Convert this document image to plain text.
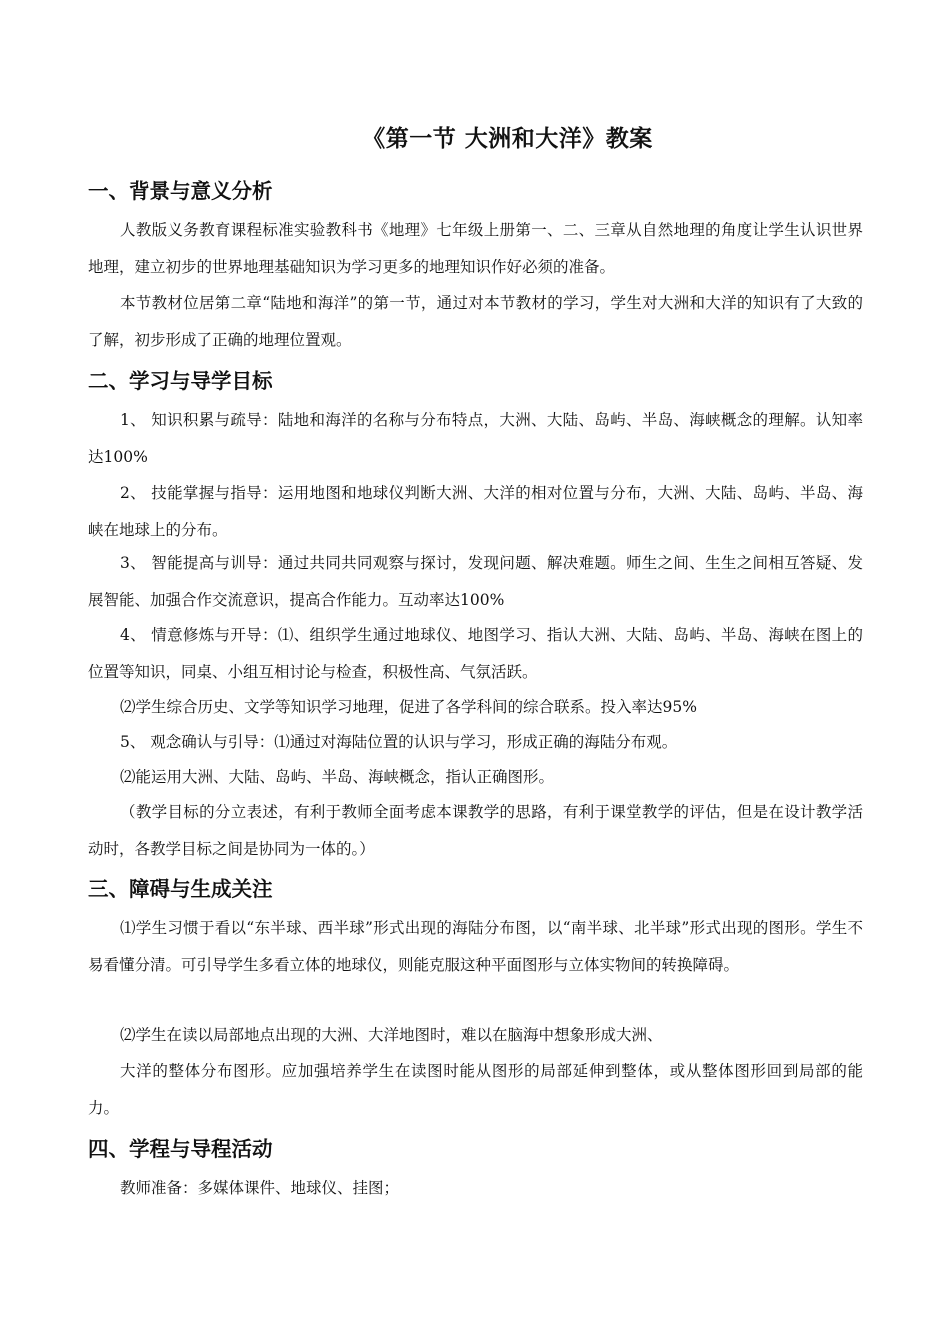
《第一节 大洲和大洋》教案
一、背景与意义分析

人教版义务教育课程标准实验教科书《地理》七年级上册第一、二、三章从自然地理的角度让学生认识世界地理，建立初步的世界地理基础知识为学习更多的地理知识作好必须的准备。

本节教材位居第二章“陆地和海洋”的第一节，通过对本节教材的学习，学生对大洲和大洋的知识有了大致的了解，初步形成了正确的地理位置观。

二、学习与导学目标

1、 知识积累与疏导：陆地和海洋的名称与分布特点，大洲、大陆、岛屿、半岛、海峡概念的理解。认知率达100%

2、 技能掌握与指导：运用地图和地球仪判断大洲、大洋的相对位置与分布，大洲、大陆、岛屿、半岛、海峡在地球上的分布。

3、 智能提高与训导：通过共同共同观察与探讨，发现问题、解决难题。师生之间、生生之间相互答疑、发展智能、加强合作交流意识，提高合作能力。互动率达100%

4、 情意修炼与开导：⑴、组织学生通过地球仪、地图学习、指认大洲、大陆、岛屿、半岛、海峡在图上的位置等知识，同桌、小组互相讨论与检查，积极性高、气氛活跃。

⑵学生综合历史、文学等知识学习地理，促进了各学科间的综合联系。投入率达95%

5、 观念确认与引导：⑴通过对海陆位置的认识与学习，形成正确的海陆分布观。

⑵能运用大洲、大陆、岛屿、半岛、海峡概念，指认正确图形。

（教学目标的分立表述，有利于教师全面考虑本课教学的思路，有利于课堂教学的评估，但是在设计教学活动时，各教学目标之间是协同为一体的。）

三、障碍与生成关注

⑴学生习惯于看以“东半球、西半球”形式出现的海陆分布图，以“南半球、北半球”形式出现的图形。学生不易看懂分清。可引导学生多看立体的地球仪，则能克服这种平面图形与立体实物间的转换障碍。

⑵学生在读以局部地点出现的大洲、大洋地图时，难以在脑海中想象形成大洲、

大洋的整体分布图形。应加强培养学生在读图时能从图形的局部延伸到整体，或从整体图形回到局部的能力。

四、学程与导程活动

教师准备：多媒体课件、地球仪、挂图；
